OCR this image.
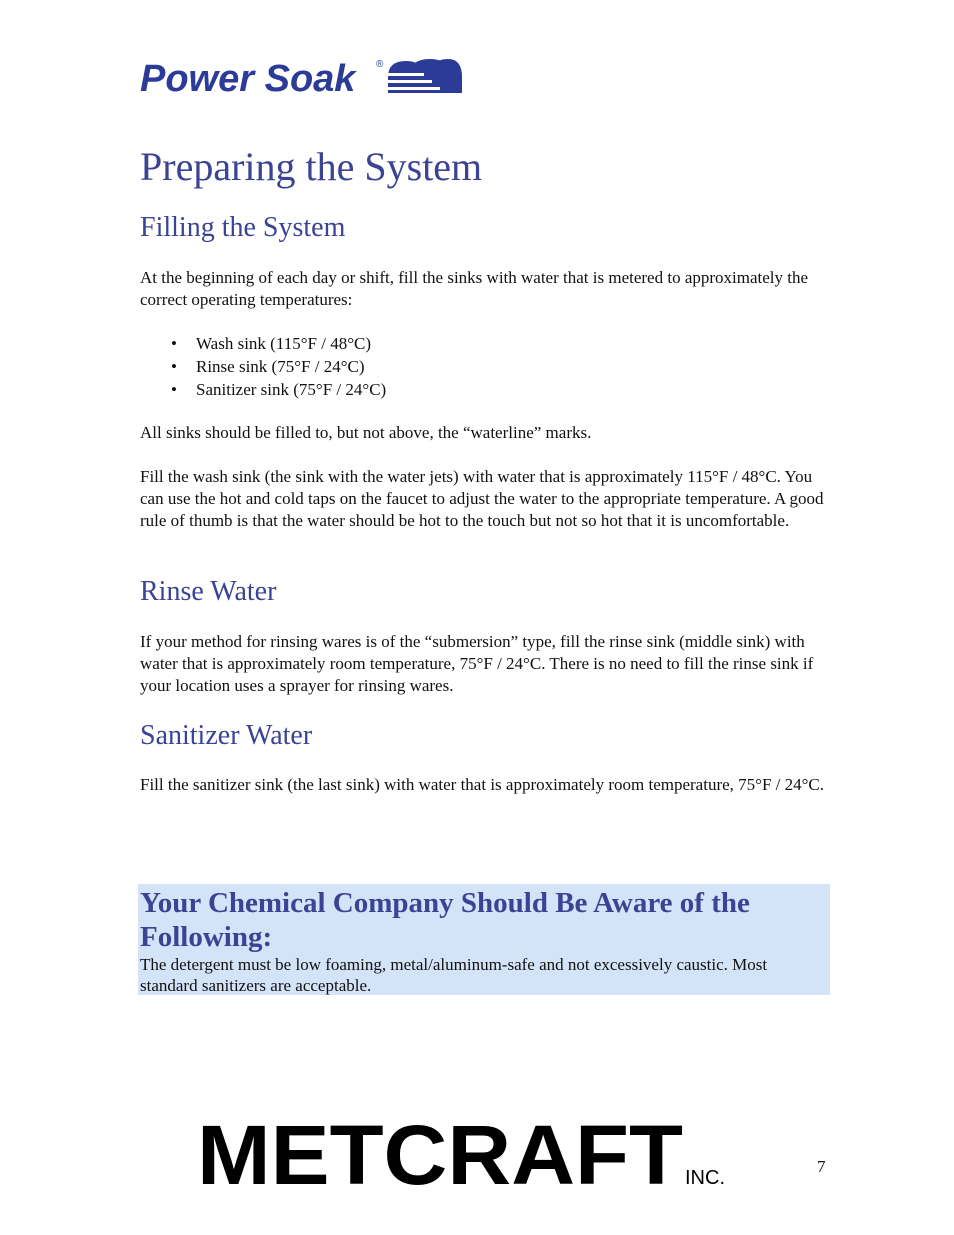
Power Soak ®
Preparing the System
Filling the System

At the beginning of each day or shift, fill the sinks with water that is metered to approximately the correct operating temperatures:

• Wash sink (115°F / 48°C)
• Rinse sink (75°F / 24°C)
• Sanitizer sink (75°F / 24°C)

All sinks should be filled to, but not above, the “waterline” marks.

Fill the wash sink (the sink with the water jets) with water that is approximately 115°F / 48°C. You can use the hot and cold taps on the faucet to adjust the water to the appropriate temperature. A good rule of thumb is that the water should be hot to the touch but not so hot that it is uncomfortable.

Rinse Water

If your method for rinsing wares is of the “submersion” type, fill the rinse sink (middle sink) with water that is approximately room temperature, 75°F / 24°C. There is no need to fill the rinse sink if your location uses a sprayer for rinsing wares.

Sanitizer Water

Fill the sanitizer sink (the last sink) with water that is approximately room temperature, 75°F / 24°C.

Your Chemical Company Should Be Aware of the Following:

The detergent must be low foaming, metal/aluminum-safe and not excessively caustic. Most standard sanitizers are acceptable.

METCRAFT INC.
7
